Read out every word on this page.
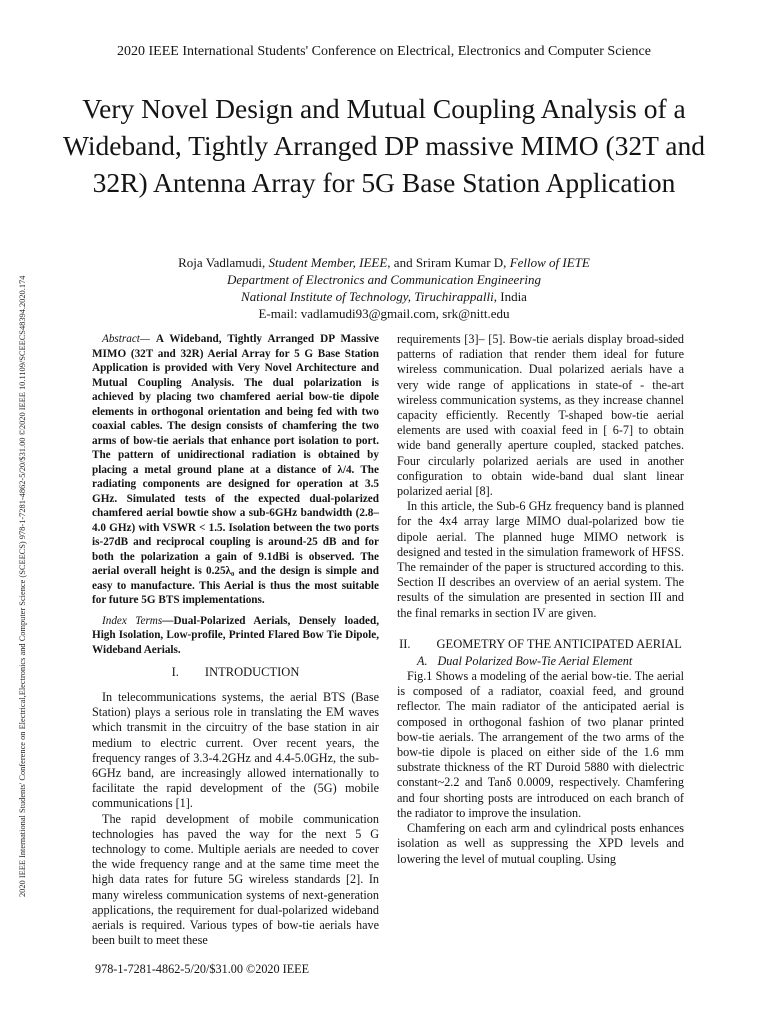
2020 IEEE International Students' Conference on Electrical, Electronics and Computer Science
2020 IEEE International Students' Conference on Electrical,Electronics and Computer Science (SCEECS) 978-1-7281-4862-5/20/$31.00 ©2020 IEEE 10.1109/SCEECS48394.2020.174
Very Novel Design and Mutual Coupling Analysis of a Wideband, Tightly Arranged DP massive MIMO (32T and 32R) Antenna Array for 5G Base Station Application
Roja Vadlamudi, Student Member, IEEE, and Sriram Kumar D, Fellow of IETE
Department of Electronics and Communication Engineering
National Institute of Technology, Tiruchirappalli, India
E-mail: vadlamudi93@gmail.com, srk@nitt.edu

Abstract— A Wideband, Tightly Arranged DP Massive MIMO (32T and 32R) Aerial Array for 5 G Base Station Application is provided with Very Novel Architecture and Mutual Coupling Analysis. The dual polarization is achieved by placing two chamfered aerial bow-tie dipole elements in orthogonal orientation and being fed with two coaxial cables. The design consists of chamfering the two arms of bow-tie aerials that enhance port isolation to port. The pattern of unidirectional radiation is obtained by placing a metal ground plane at a distance of λ/4. The radiating components are designed for operation at 3.5 GHz. Simulated tests of the expected dual-polarized chamfered aerial bowtie show a sub-6GHz bandwidth (2.8–4.0 GHz) with VSWR < 1.5. Isolation between the two ports is-27dB and reciprocal coupling is around-25 dB and for both the polarization a gain of 9.1dBi is observed. The aerial overall height is 0.25λ₀ and the design is simple and easy to manufacture. This Aerial is thus the most suitable for future 5G BTS implementations.

Index Terms—Dual-Polarized Aerials, Densely loaded, High Isolation, Low-profile, Printed Flared Bow Tie Dipole, Wideband Aerials.

I. INTRODUCTION

In telecommunications systems, the aerial BTS (Base Station) plays a serious role in translating the EM waves which transmit in the circuitry of the base station in air medium to electric current. Over recent years, the frequency ranges of 3.3-4.2GHz and 4.4-5.0GHz, the sub-6GHz band, are increasingly allowed internationally to facilitate the rapid development of the (5G) mobile communications [1].

The rapid development of mobile communication technologies has paved the way for the next 5 G technology to come. Multiple aerials are needed to cover the wide frequency range and at the same time meet the high data rates for future 5G wireless standards [2]. In many wireless communication systems of next-generation applications, the requirement for dual-polarized wideband aerials is required. Various types of bow-tie aerials have been built to meet these

requirements [3]– [5]. Bow-tie aerials display broad-sided patterns of radiation that render them ideal for future wireless communication. Dual polarized aerials have a very wide range of applications in state-of - the-art wireless communication systems, as they increase channel capacity efficiently. Recently T-shaped bow-tie aerial elements are used with coaxial feed in [ 6-7] to obtain wide band generally aperture coupled, stacked patches. Four circularly polarized aerials are used in another configuration to obtain wide-band dual slant linear polarized aerial [8].

In this article, the Sub-6 GHz frequency band is planned for the 4x4 array large MIMO dual-polarized bow tie dipole aerial. The planned huge MIMO network is designed and tested in the simulation framework of HFSS. The remainder of the paper is structured according to this. Section II describes an overview of an aerial system. The results of the simulation are presented in section III and the final remarks in section IV are given.

II. GEOMETRY OF THE ANTICIPATED AERIAL

A. Dual Polarized Bow-Tie Aerial Element

Fig.1 Shows a modeling of the aerial bow-tie. The aerial is composed of a radiator, coaxial feed, and ground reflector. The main radiator of the anticipated aerial is composed in orthogonal fashion of two planar printed bow-tie aerials. The arrangement of the two arms of the bow-tie dipole is placed on either side of the 1.6 mm substrate thickness of the RT Duroid 5880 with dielectric constant~2.2 and Tanδ 0.0009, respectively. Chamfering and four shorting posts are introduced on each branch of the radiator to improve the insulation.

Chamfering on each arm and cylindrical posts enhances isolation as well as suppressing the XPD levels and lowering the level of mutual coupling. Using

978-1-7281-4862-5/20/$31.00 ©2020 IEEE
